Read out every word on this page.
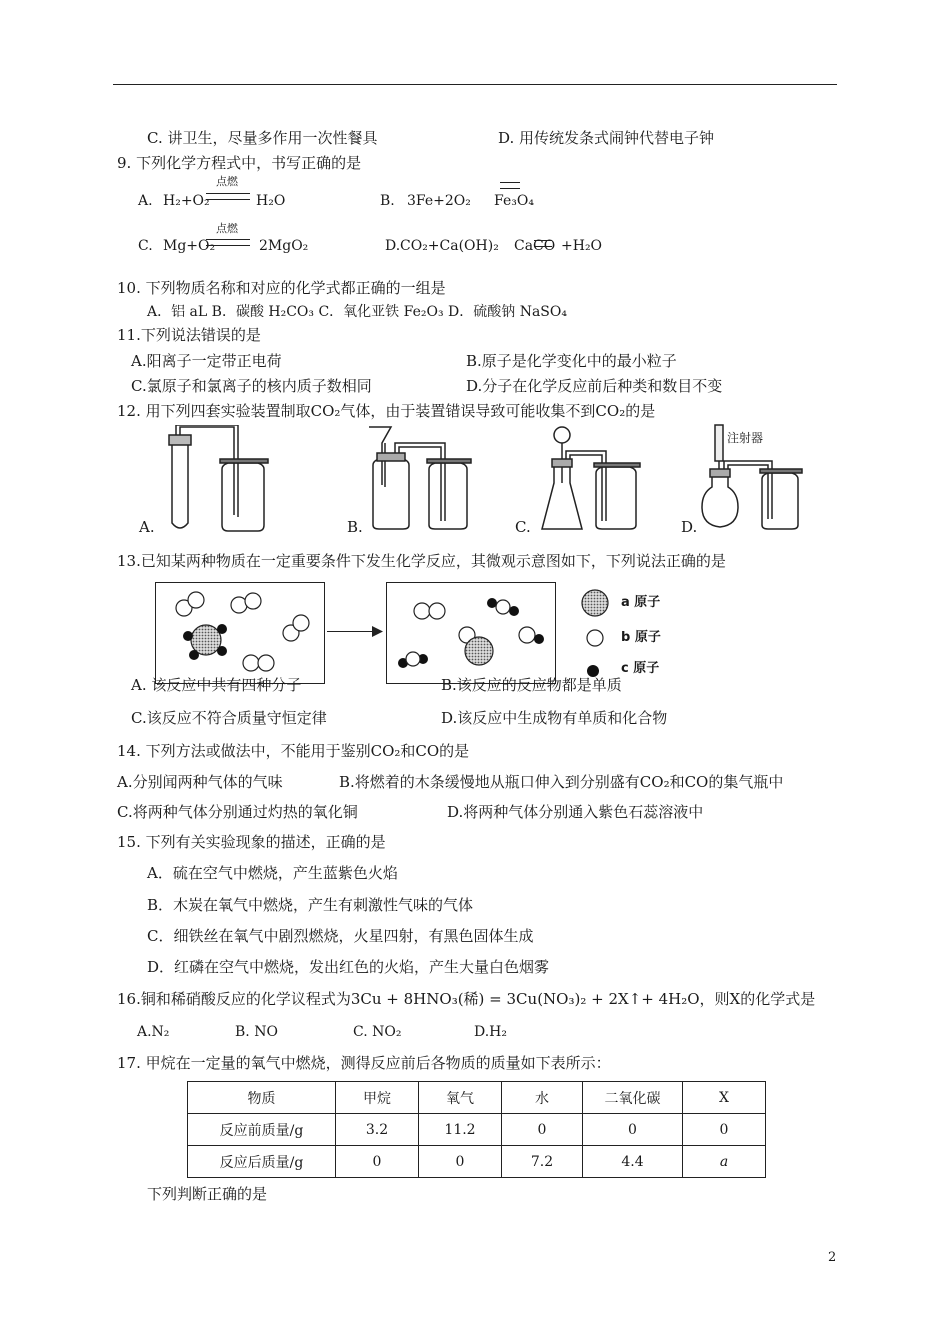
C. 讲卫生，尽量多作用一次性餐具	D. 用传统发条式闹钟代替电子钟
9. 下列化学方程式中，书写正确的是
A. H₂+O₂
点燃
H₂O	B. 3Fe+2O₂ Fe₃O₄
C. Mg+O₂
点燃
2MgO₂	D. CO₂+Ca(OH)₂ CaCO +H₂O
10. 下列物质名称和对应的化学式都正确的一组是
A．铝 aL B．碳酸 H₂CO₃ C．氧化亚铁 Fe₂O₃ D．硫酸钠 NaSO₄
11.下列说法错误的是
A.阳离子一定带正电荷	B.原子是化学变化中的最小粒子
C.氯原子和氯离子的核内质子数相同	D.分子在化学反应前后种类和数目不变
12. 用下列四套实验装置制取CO₂气体，由于装置错误导致可能收集不到CO₂的是
A.	B.	C.
注射器
D.
13.已知某两种物质在一定重要条件下发生化学反应，其微观示意图如下，下列说法正确的是
a 原子
b 原子
c 原子
A. 该反应中共有四种分子	B.该反应的反应物都是单质
C.该反应不符合质量守恒定律	D.该反应中生成物有单质和化合物
14. 下列方法或做法中，不能用于鉴别CO₂和CO的是
A.分别闻两种气体的气味	B.将燃着的木条缓慢地从瓶口伸入到分别盛有CO₂和CO的集气瓶中
C.将两种气体分别通过灼热的氧化铜	D.将两种气体分别通入紫色石蕊溶液中
15. 下列有关实验现象的描述，正确的是
A．硫在空气中燃烧，产生蓝紫色火焰
B．木炭在氧气中燃烧，产生有刺激性气味的气体
C．细铁丝在氧气中剧烈燃烧，火星四射，有黑色固体生成
D．红磷在空气中燃烧，发出红色的火焰，产生大量白色烟雾
16.铜和稀硝酸反应的化学议程式为3Cu + 8HNO₃(稀) = 3Cu(NO₃)₂ + 2X↑+ 4H₂O，则X的化学式是
A.N₂	B. NO	C. NO₂	D.H₂
17. 甲烷在一定量的氧气中燃烧，测得反应前后各物质的质量如下表所示：
物质	甲烷	氧气	水	二氧化碳	X
反应前质量/g	3.2	11.2	0	0	0
反应后质量/g	0	0	7.2	4.4	a
下列判断正确的是
2
